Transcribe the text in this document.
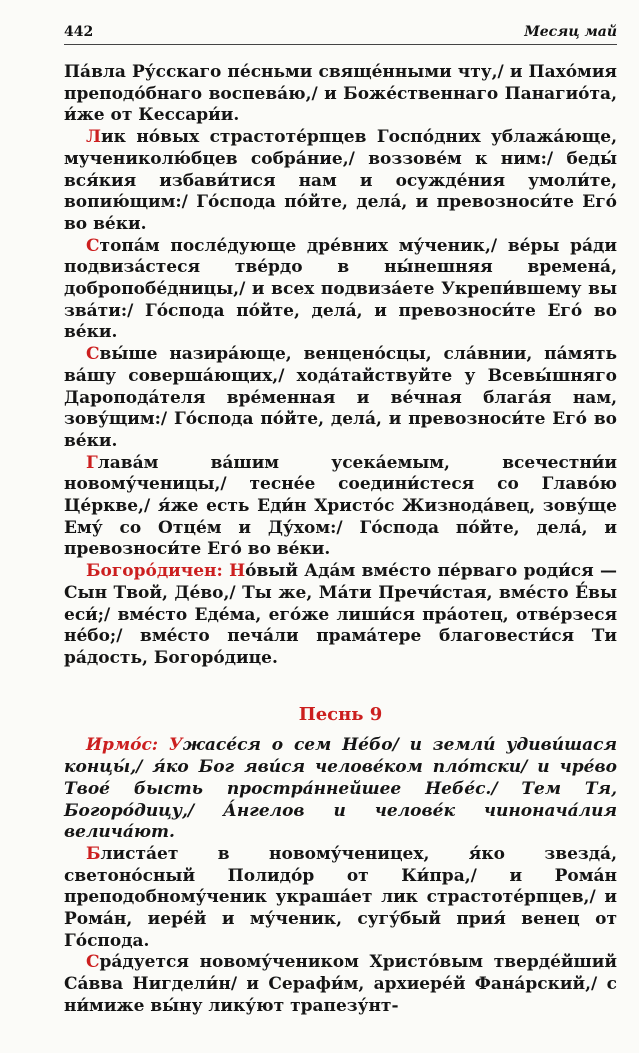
442	Месяц май

Па́вла Ру́сскаго пе́сньми свяще́нными чту,/ и Пахо́мия преподо́бнаго воспева́ю,/ и Боже́ственнаго Панагио́та, и́же от Кессари́и.

Лик но́вых страстоте́рпцев Госпо́дних ублажа́юще, мучениколю́бцев собра́ние,/ воззове́м к ним:/ беды́ вся́кия избави́тися нам и осужде́ния умоли́те, вопию́щим:/ Го́спода по́йте, дела́, и превозноси́те Его́ во ве́ки.

Стопа́м после́дующе дре́вних му́ченик,/ ве́ры ра́ди подвиза́стеся тве́рдо в ны́нешняя времена́, добропобе́дницы,/ и всех подвиза́ете Укрепи́вшему вы зва́ти:/ Го́спода по́йте, дела́, и превозноси́те Его́ во ве́ки.

Свы́ше назира́юще, венцено́сцы, сла́внии, па́мять ва́шу соверша́ющих,/ хода́тайствуйте у Всевы́шняго Дароподáтеля вре́менная и ве́чная блага́я нам, зову́щим:/ Го́спода по́йте, дела́, и превозноси́те Его́ во ве́ки.

Глава́м ва́шим усека́емым, всечестни́и новому́ченицы,/ тесне́е соедини́стеся со Главо́ю Це́ркве,/ я́же есть Еди́н Христо́с Жизнода́вец, зову́ще Ему́ со Отце́м и Ду́хом:/ Го́спода по́йте, дела́, и превозноси́те Его́ во ве́ки.

Богоро́дичен: Но́вый Ада́м вме́сто пе́рваго роди́ся — Сын Твой, Де́во,/ Ты же, Ма́ти Пречи́стая, вме́сто Е́вы еси́;/ вме́сто Еде́ма, его́же лиши́ся пра́отец, отве́рзеся не́бо;/ вме́сто печа́ли прама́тере благовести́ся Ти ра́дость, Богоро́дице.

Песнь 9

Ирмо́с: Ужасе́ся о сем Не́бо/ и земли́ удиви́шася концы́,/ я́ко Бог яви́ся челове́ком пло́тски/ и чре́во Твое́ бысть простра́ннейшее Небе́с./ Тем Тя, Богоро́дицу,/ А́нгелов и челове́к чинонача́лия велича́ют.

Блиста́ет в новому́ченицех, я́ко звезда́, светоно́сный Полидо́р от Ки́пра,/ и Рома́н преподобному́ченик украша́ет лик страстоте́рпцев,/ и Рома́н, иере́й и му́ченик, сугу́бый прия́ венец от Го́спода.

Сра́дуется новому́ченикoм Христо́вым тверде́йший Са́вва Нигдели́н/ и Серафи́м, архиере́й Фана́рский,/ с ни́миже вы́ну лику́ют трапезу́нт-
